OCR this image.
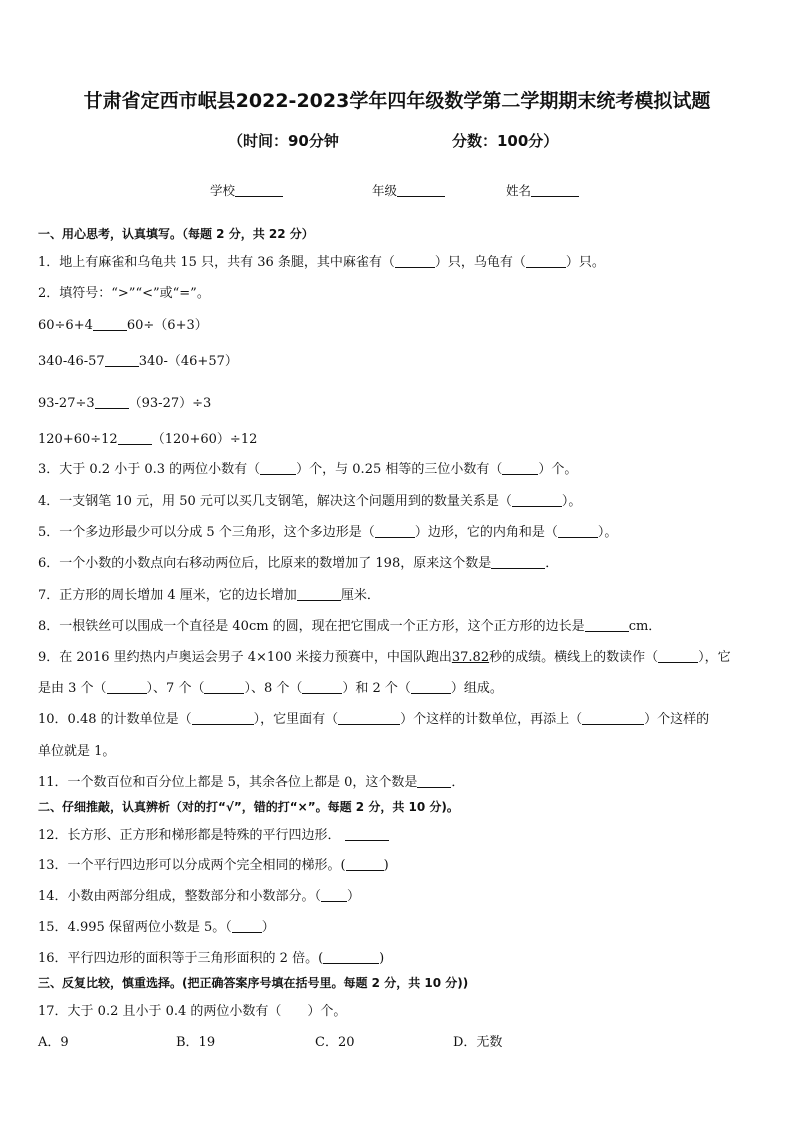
甘肃省定西市岷县2022-2023学年四年级数学第二学期期末统考模拟试题
（时间：90分钟	分数：100分）
学校	年级	姓名
一、用心思考，认真填写。（每题 2 分，共 22 分）
1．地上有麻雀和乌龟共 15 只，共有 36 条腿，其中麻雀有（	）只，乌龟有（	）只。
2．填符号：“>”“<”或“=”。
60÷6+4	60÷（6+3）
340-46-57	340-（46+57）
93-27÷3	（93-27）÷3
120+60÷12	（120+60）÷12
3．大于 0.2 小于 0.3 的两位小数有（	）个，与 0.25 相等的三位小数有（	）个。
4．一支钢笔 10 元，用 50 元可以买几支钢笔，解决这个问题用到的数量关系是（	）。
5．一个多边形最少可以分成 5 个三角形，这个多边形是（	）边形，它的内角和是（	）。
6．一个小数的小数点向右移动两位后，比原来的数增加了 198，原来这个数是	．
7．正方形的周长增加 4 厘米，它的边长增加	厘米．
8．一根铁丝可以围成一个直径是 40cm 的圆，现在把它围成一个正方形，这个正方形的边长是	cm．
9．在 2016 里约热内卢奥运会男子 4×100 米接力预赛中，中国队跑出37.82秒的成绩。横线上的数读作（	），它
是由 3 个（	）、7 个（	）、8 个（	）和 2 个（	）组成。
10．0.48 的计数单位是（	），它里面有（	）个这样的计数单位，再添上（	）个这样的
单位就是 1。
11．一个数百位和百分位上都是 5，其余各位上都是 0，这个数是	．
二、仔细推敲，认真辨析（对的打“√”，错的打“×”。每题 2 分，共 10 分)。
12．长方形、正方形和梯形都是特殊的平行四边形．
13．一个平行四边形可以分成两个完全相同的梯形。(	)
14．小数由两部分组成，整数部分和小数部分。（ ）
15．4.995 保留两位小数是 5。（ ）
16．平行四边形的面积等于三角形面积的 2 倍。(	)
三、反复比较，慎重选择。(把正确答案序号填在括号里。每题 2 分，共 10 分))
17．大于 0.2 且小于 0.4 的两位小数有（　　）个。
A．9	B．19	C．20	D．无数
